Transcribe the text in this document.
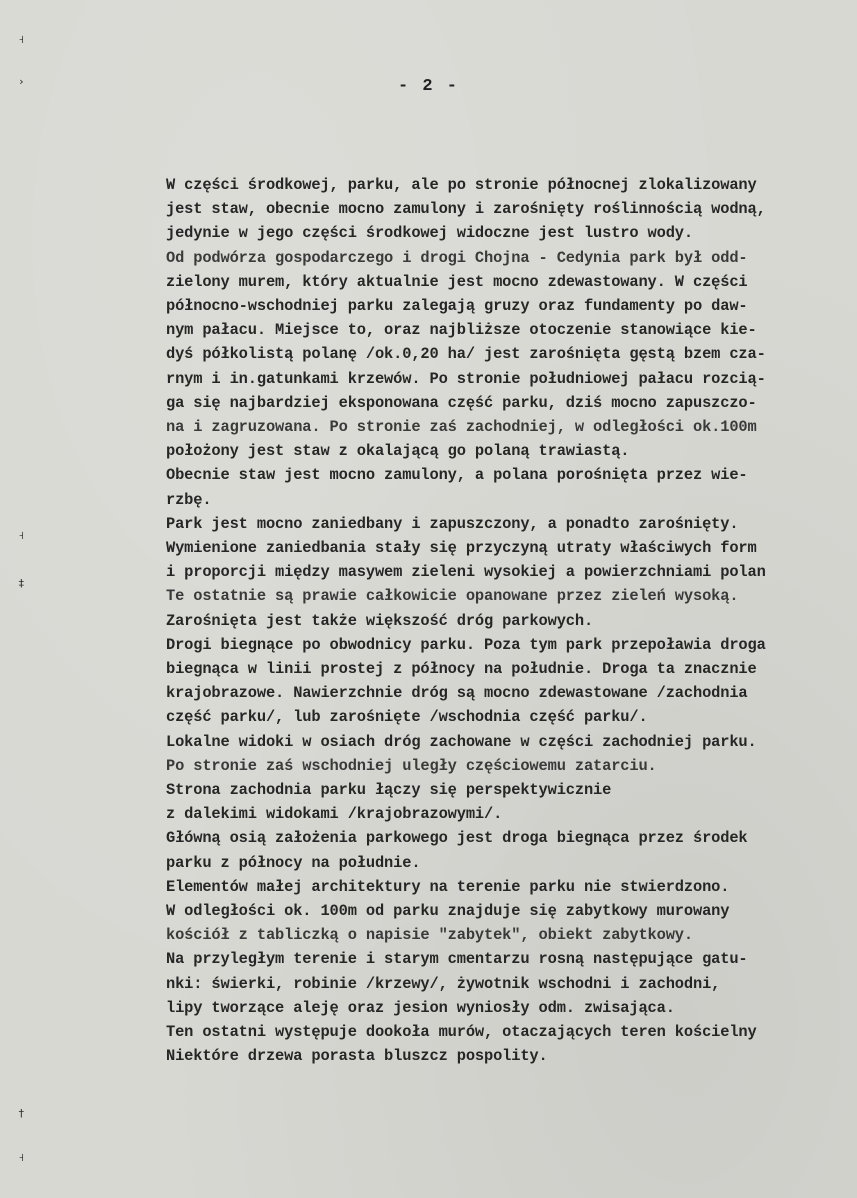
˧
›
˧
‡
†
˧
- 2 -
W części środkowej, parku, ale po stronie północnej zlokalizowany
jest staw, obecnie mocno zamulony i zarośnięty roślinnością wodną,
jedynie w jego części środkowej widoczne jest lustro wody.
Od podwórza gospodarczego i drogi Chojna - Cedynia park był odd-
zielony murem, który aktualnie jest mocno zdewastowany. W części
północno-wschodniej parku zalegają gruzy oraz fundamenty po daw-
nym pałacu. Miejsce to, oraz najbliższe otoczenie stanowiące kie-
dyś półkolistą polanę /ok.0,20 ha/ jest zarośnięta gęstą bzem cza-
rnym i in.gatunkami krzewów. Po stronie południowej pałacu rozcią-
ga się najbardziej eksponowana część parku, dziś mocno zapuszczo-
na i zagruzowana. Po stronie zaś zachodniej, w odległości ok.100m
położony jest staw z okalającą go polaną trawiastą.
Obecnie staw jest mocno zamulony, a polana porośnięta przez wie-
rzbę.
Park jest mocno zaniedbany i zapuszczony, a ponadto zarośnięty.
Wymienione zaniedbania stały się przyczyną utraty właściwych form
i proporcji między masywem zieleni wysokiej a powierzchniami polan
Te ostatnie są prawie całkowicie opanowane przez zieleń wysoką.
Zarośnięta jest także większość dróg parkowych.
Drogi biegnące po obwodnicy parku. Poza tym park przepoławia droga
biegnąca w linii prostej z północy na południe. Droga ta znacznie
krajobrazowe. Nawierzchnie dróg są mocno zdewastowane /zachodnia
część parku/, lub zarośnięte /wschodnia część parku/.
Lokalne widoki w osiach dróg zachowane w części zachodniej parku.
Po stronie zaś wschodniej uległy częściowemu zatarciu.
Strona zachodnia parku łączy się perspektywicznie
z dalekimi widokami /krajobrazowymi/.
Główną osią założenia parkowego jest droga biegnąca przez środek
parku z północy na południe.
Elementów małej architektury na terenie parku nie stwierdzono.
W odległości ok. 100m od parku znajduje się zabytkowy murowany
kościół z tabliczką o napisie "zabytek", obiekt zabytkowy.
Na przyległym terenie i starym cmentarzu rosną następujące gatu-
nki: świerki, robinie /krzewy/, żywotnik wschodni i zachodni,
lipy tworzące aleję oraz jesion wyniosły odm. zwisająca.
Ten ostatni występuje dookoła murów, otaczających teren kościelny
Niektóre drzewa porasta bluszcz pospolity.
